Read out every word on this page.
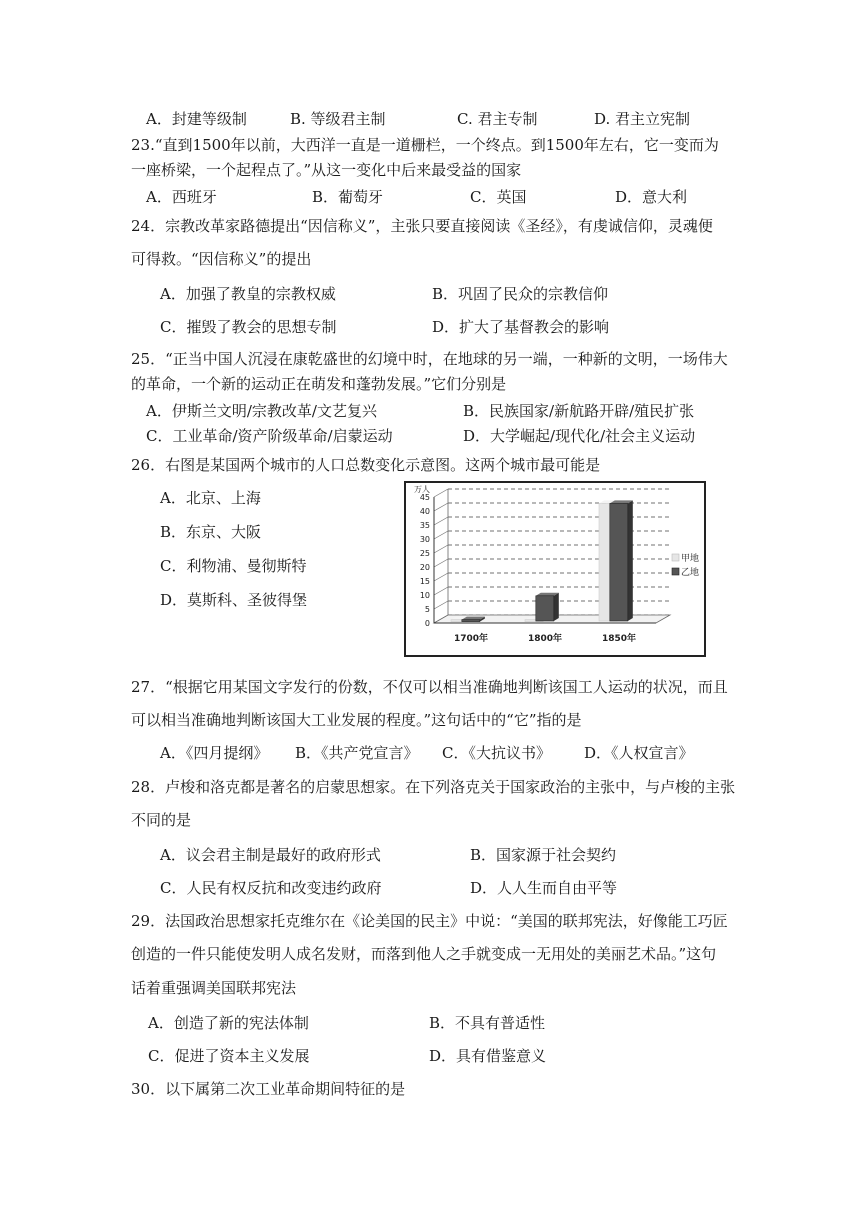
A．封建等级制	B. 等级君主制	C. 君主专制	D. 君主立宪制
23.“直到1500年以前，大西洋一直是一道栅栏，一个终点。到1500年左右，它一变而为
一座桥梁，一个起程点了。”从这一变化中后来最受益的国家
A．西班牙	B．葡萄牙	C．英国	D．意大利
24．宗教改革家路德提出“因信称义”，主张只要直接阅读《圣经》，有虔诚信仰，灵魂便
可得救。“因信称义”的提出
A．加强了教皇的宗教权威	B．巩固了民众的宗教信仰
C．摧毁了教会的思想专制	D．扩大了基督教会的影响
25．“正当中国人沉浸在康乾盛世的幻境中时，在地球的另一端，一种新的文明，一场伟大
的革命，一个新的运动正在萌发和蓬勃发展。”它们分别是
A．伊斯兰文明/宗教改革/文艺复兴	B．民族国家/新航路开辟/殖民扩张
C．工业革命/资产阶级革命/启蒙运动	D．大学崛起/现代化/社会主义运动
26．右图是某国两个城市的人口总数变化示意图。这两个城市最可能是
A．北京、上海
B．东京、大阪
C．利物浦、曼彻斯特
D．莫斯科、圣彼得堡
0
5
10
15
20
25
30
35
40
45
万人
1700年	1800年	1850年
甲地
乙地
27．“根据它用某国文字发行的份数，不仅可以相当准确地判断该国工人运动的状况，而且
可以相当准确地判断该国大工业发展的程度。”这句话中的“它”指的是
A．《四月提纲》 B．《共产党宣言》 C．《大抗议书》 D．《人权宣言》
28．卢梭和洛克都是著名的启蒙思想家。在下列洛克关于国家政治的主张中，与卢梭的主张
不同的是
A．议会君主制是最好的政府形式	B．国家源于社会契约
C．人民有权反抗和改变违约政府	D．人人生而自由平等
29．法国政治思想家托克维尔在《论美国的民主》中说：“美国的联邦宪法，好像能工巧匠
创造的一件只能使发明人成名发财，而落到他人之手就变成一无用处的美丽艺术品。”这句
话着重强调美国联邦宪法
A．创造了新的宪法体制	B．不具有普适性
C．促进了资本主义发展	D．具有借鉴意义
30．以下属第二次工业革命期间特征的是
